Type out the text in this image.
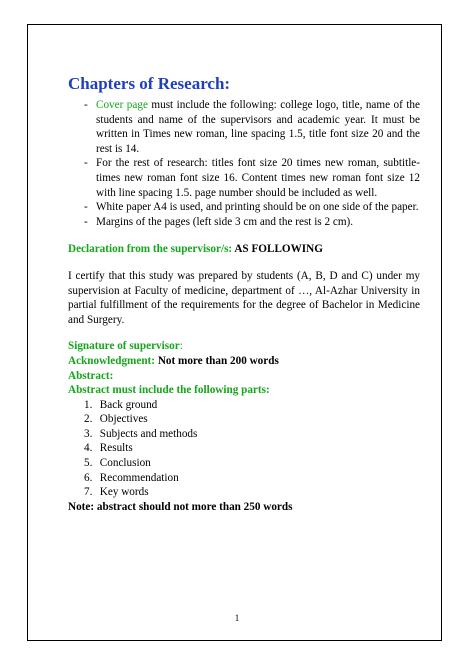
Chapters of Research:
- Cover page must include the following: college logo, title, name of the students and name of the supervisors and academic year. It must be written in Times new roman, line spacing 1.5, title font size 20 and the rest is 14.
- For the rest of research: titles font size 20 times new roman, subtitle-times new roman font size 16. Content times new roman font size 12 with line spacing 1.5. page number should be included as well.
- White paper A4 is used, and printing should be on one side of the paper.
- Margins of the pages (left side 3 cm and the rest is 2 cm).
Declaration from the supervisor/s: AS FOLLOWING
I certify that this study was prepared by students (A, B, D and C) under my supervision at Faculty of medicine, department of …, Al-Azhar University in partial fulfillment of the requirements for the degree of Bachelor in Medicine and Surgery.
Signature of supervisor:
Acknowledgment: Not more than 200 words
Abstract:
Abstract must include the following parts:
1. Back ground
2. Objectives
3. Subjects and methods
4. Results
5. Conclusion
6. Recommendation
7. Key words
Note: abstract should not more than 250 words
1
